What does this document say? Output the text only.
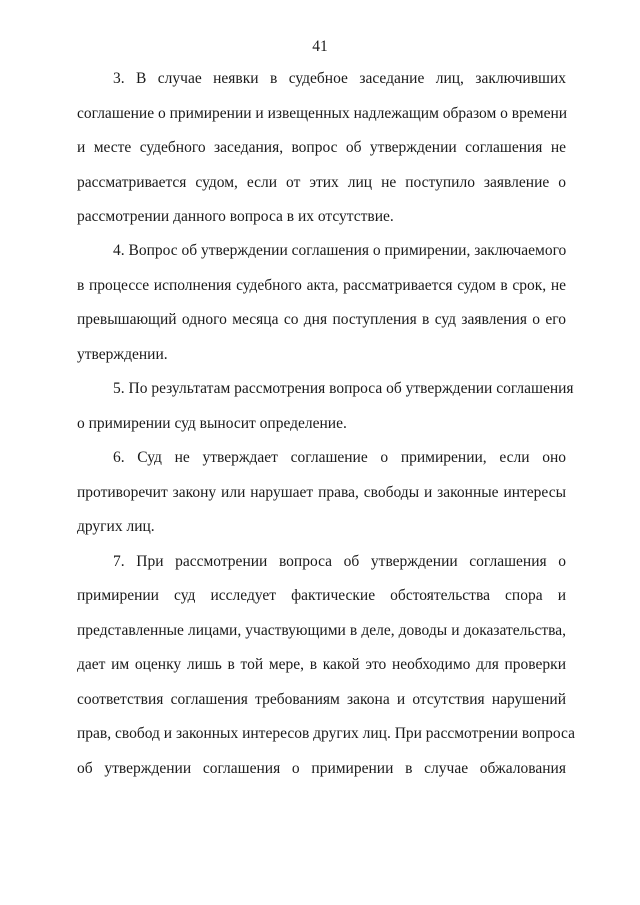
41
3. В случае неявки в судебное заседание лиц, заключивших
соглашение о примирении и извещенных надлежащим образом о времени
и месте судебного заседания, вопрос об утверждении соглашения не
рассматривается судом, если от этих лиц не поступило заявление о
рассмотрении данного вопроса в их отсутствие.
4. Вопрос об утверждении соглашения о примирении, заключаемого
в процессе исполнения судебного акта, рассматривается судом в срок, не
превышающий одного месяца со дня поступления в суд заявления о его
утверждении.
5. По результатам рассмотрения вопроса об утверждении соглашения
о примирении суд выносит определение.
6. Суд не утверждает соглашение о примирении, если оно
противоречит закону или нарушает права, свободы и законные интересы
других лиц.
7. При рассмотрении вопроса об утверждении соглашения о
примирении суд исследует фактические обстоятельства спора и
представленные лицами, участвующими в деле, доводы и доказательства,
дает им оценку лишь в той мере, в какой это необходимо для проверки
соответствия соглашения требованиям закона и отсутствия нарушений
прав, свобод и законных интересов других лиц. При рассмотрении вопроса
об утверждении соглашения о примирении в случае обжалования
